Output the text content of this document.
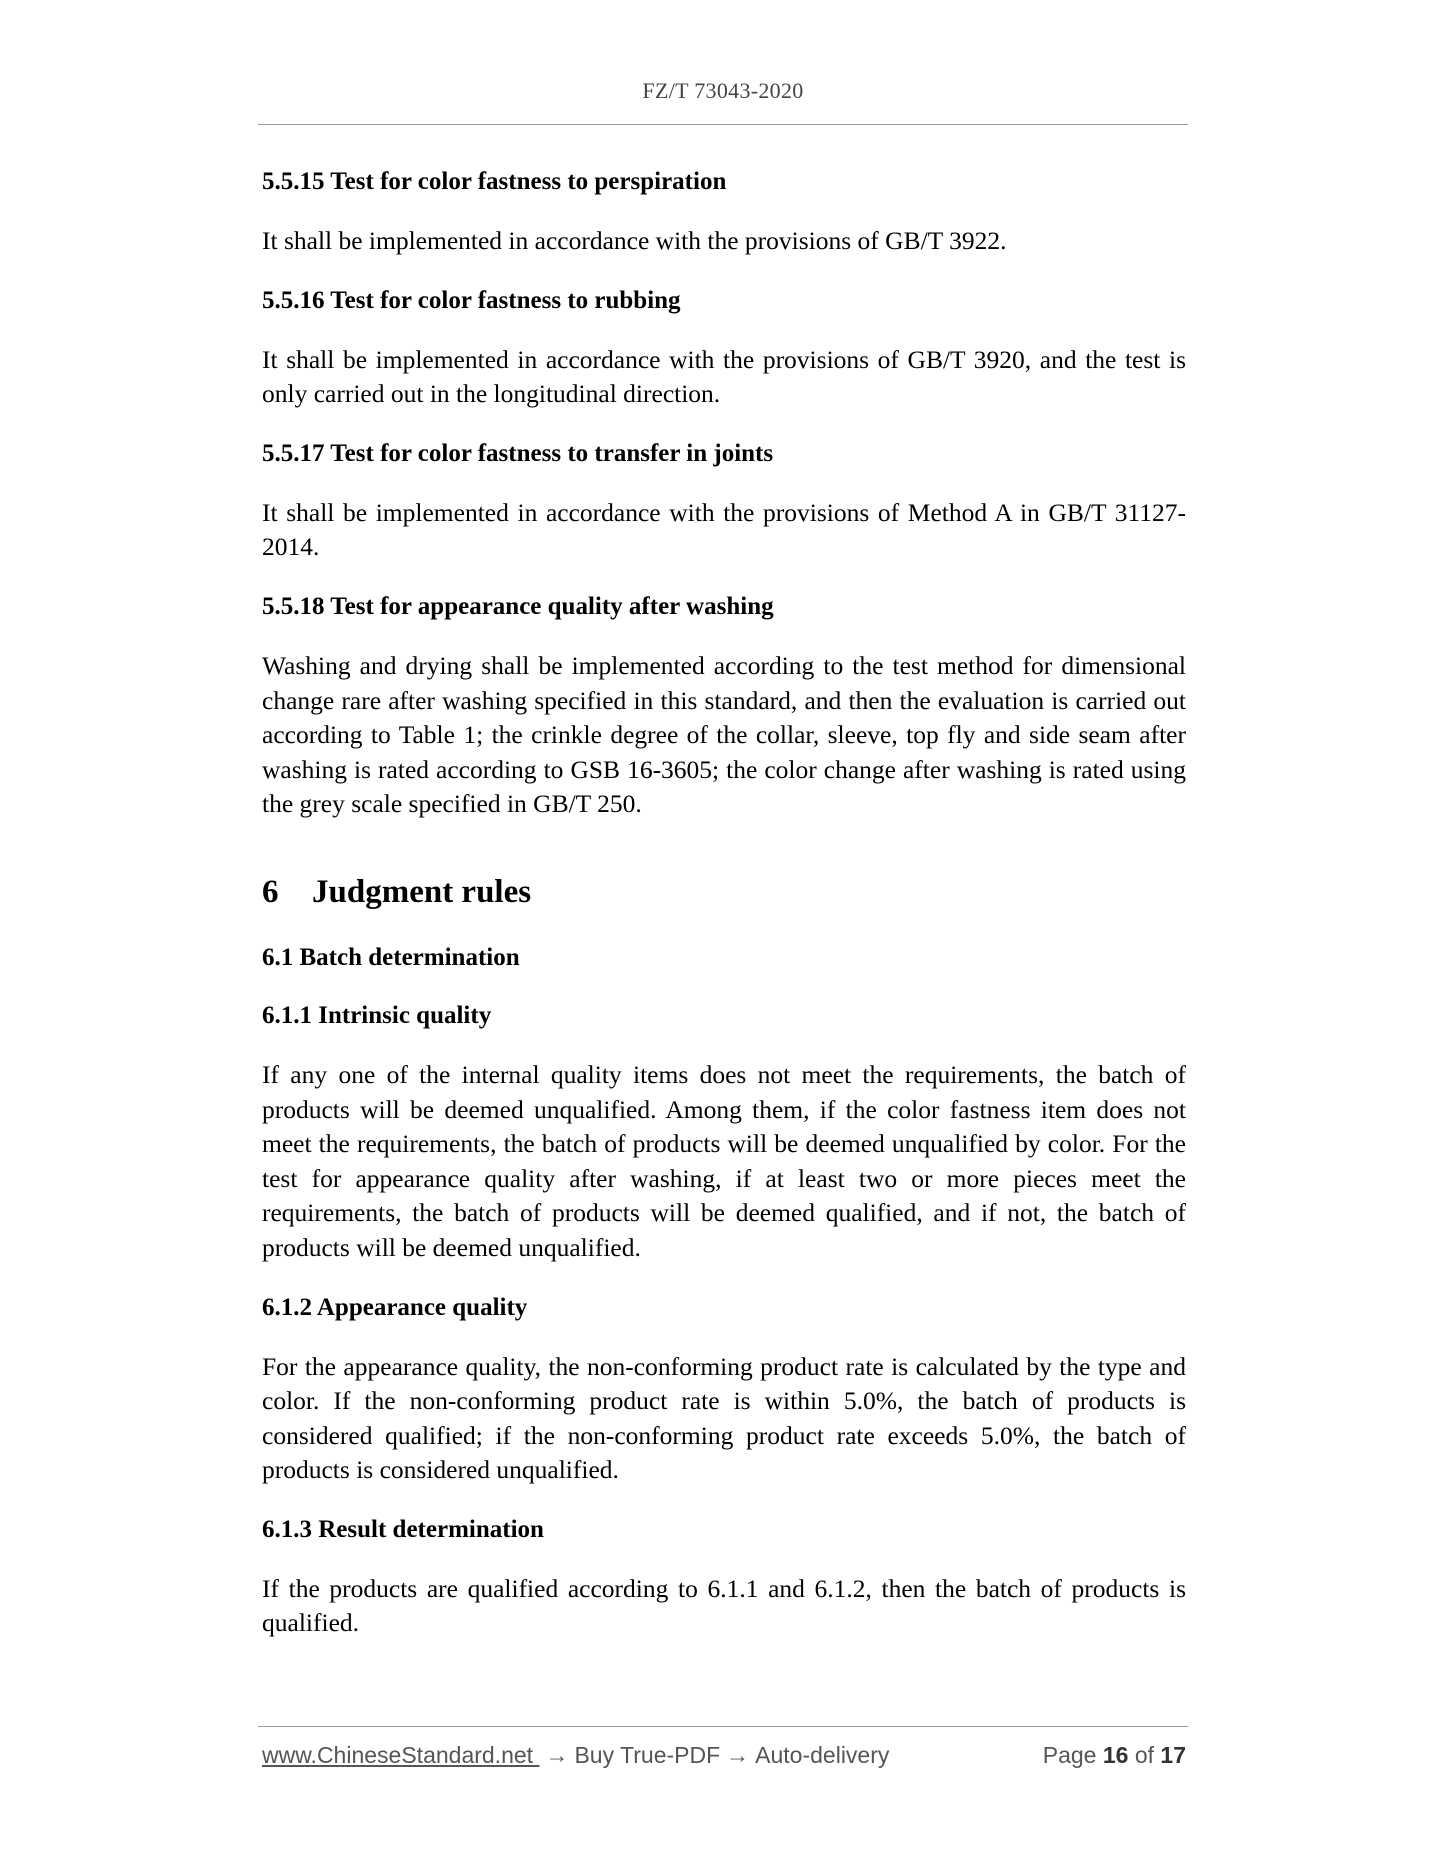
FZ/T 73043-2020
5.5.15 Test for color fastness to perspiration
It shall be implemented in accordance with the provisions of GB/T 3922.
5.5.16 Test for color fastness to rubbing
It shall be implemented in accordance with the provisions of GB/T 3920, and the test is only carried out in the longitudinal direction.
5.5.17 Test for color fastness to transfer in joints
It shall be implemented in accordance with the provisions of Method A in GB/T 31127-2014.
5.5.18 Test for appearance quality after washing
Washing and drying shall be implemented according to the test method for dimensional change rare after washing specified in this standard, and then the evaluation is carried out according to Table 1; the crinkle degree of the collar, sleeve, top fly and side seam after washing is rated according to GSB 16-3605; the color change after washing is rated using the grey scale specified in GB/T 250.
6	Judgment rules
6.1 Batch determination
6.1.1 Intrinsic quality
If any one of the internal quality items does not meet the requirements, the batch of products will be deemed unqualified. Among them, if the color fastness item does not meet the requirements, the batch of products will be deemed unqualified by color. For the test for appearance quality after washing, if at least two or more pieces meet the requirements, the batch of products will be deemed qualified, and if not, the batch of products will be deemed unqualified.
6.1.2 Appearance quality
For the appearance quality, the non-conforming product rate is calculated by the type and color. If the non-conforming product rate is within 5.0%, the batch of products is considered qualified; if the non-conforming product rate exceeds 5.0%, the batch of products is considered unqualified.
6.1.3 Result determination
If the products are qualified according to 6.1.1 and 6.1.2, then the batch of products is qualified.
www.ChineseStandard.net → Buy True-PDF → Auto-delivery	Page 16 of 17
